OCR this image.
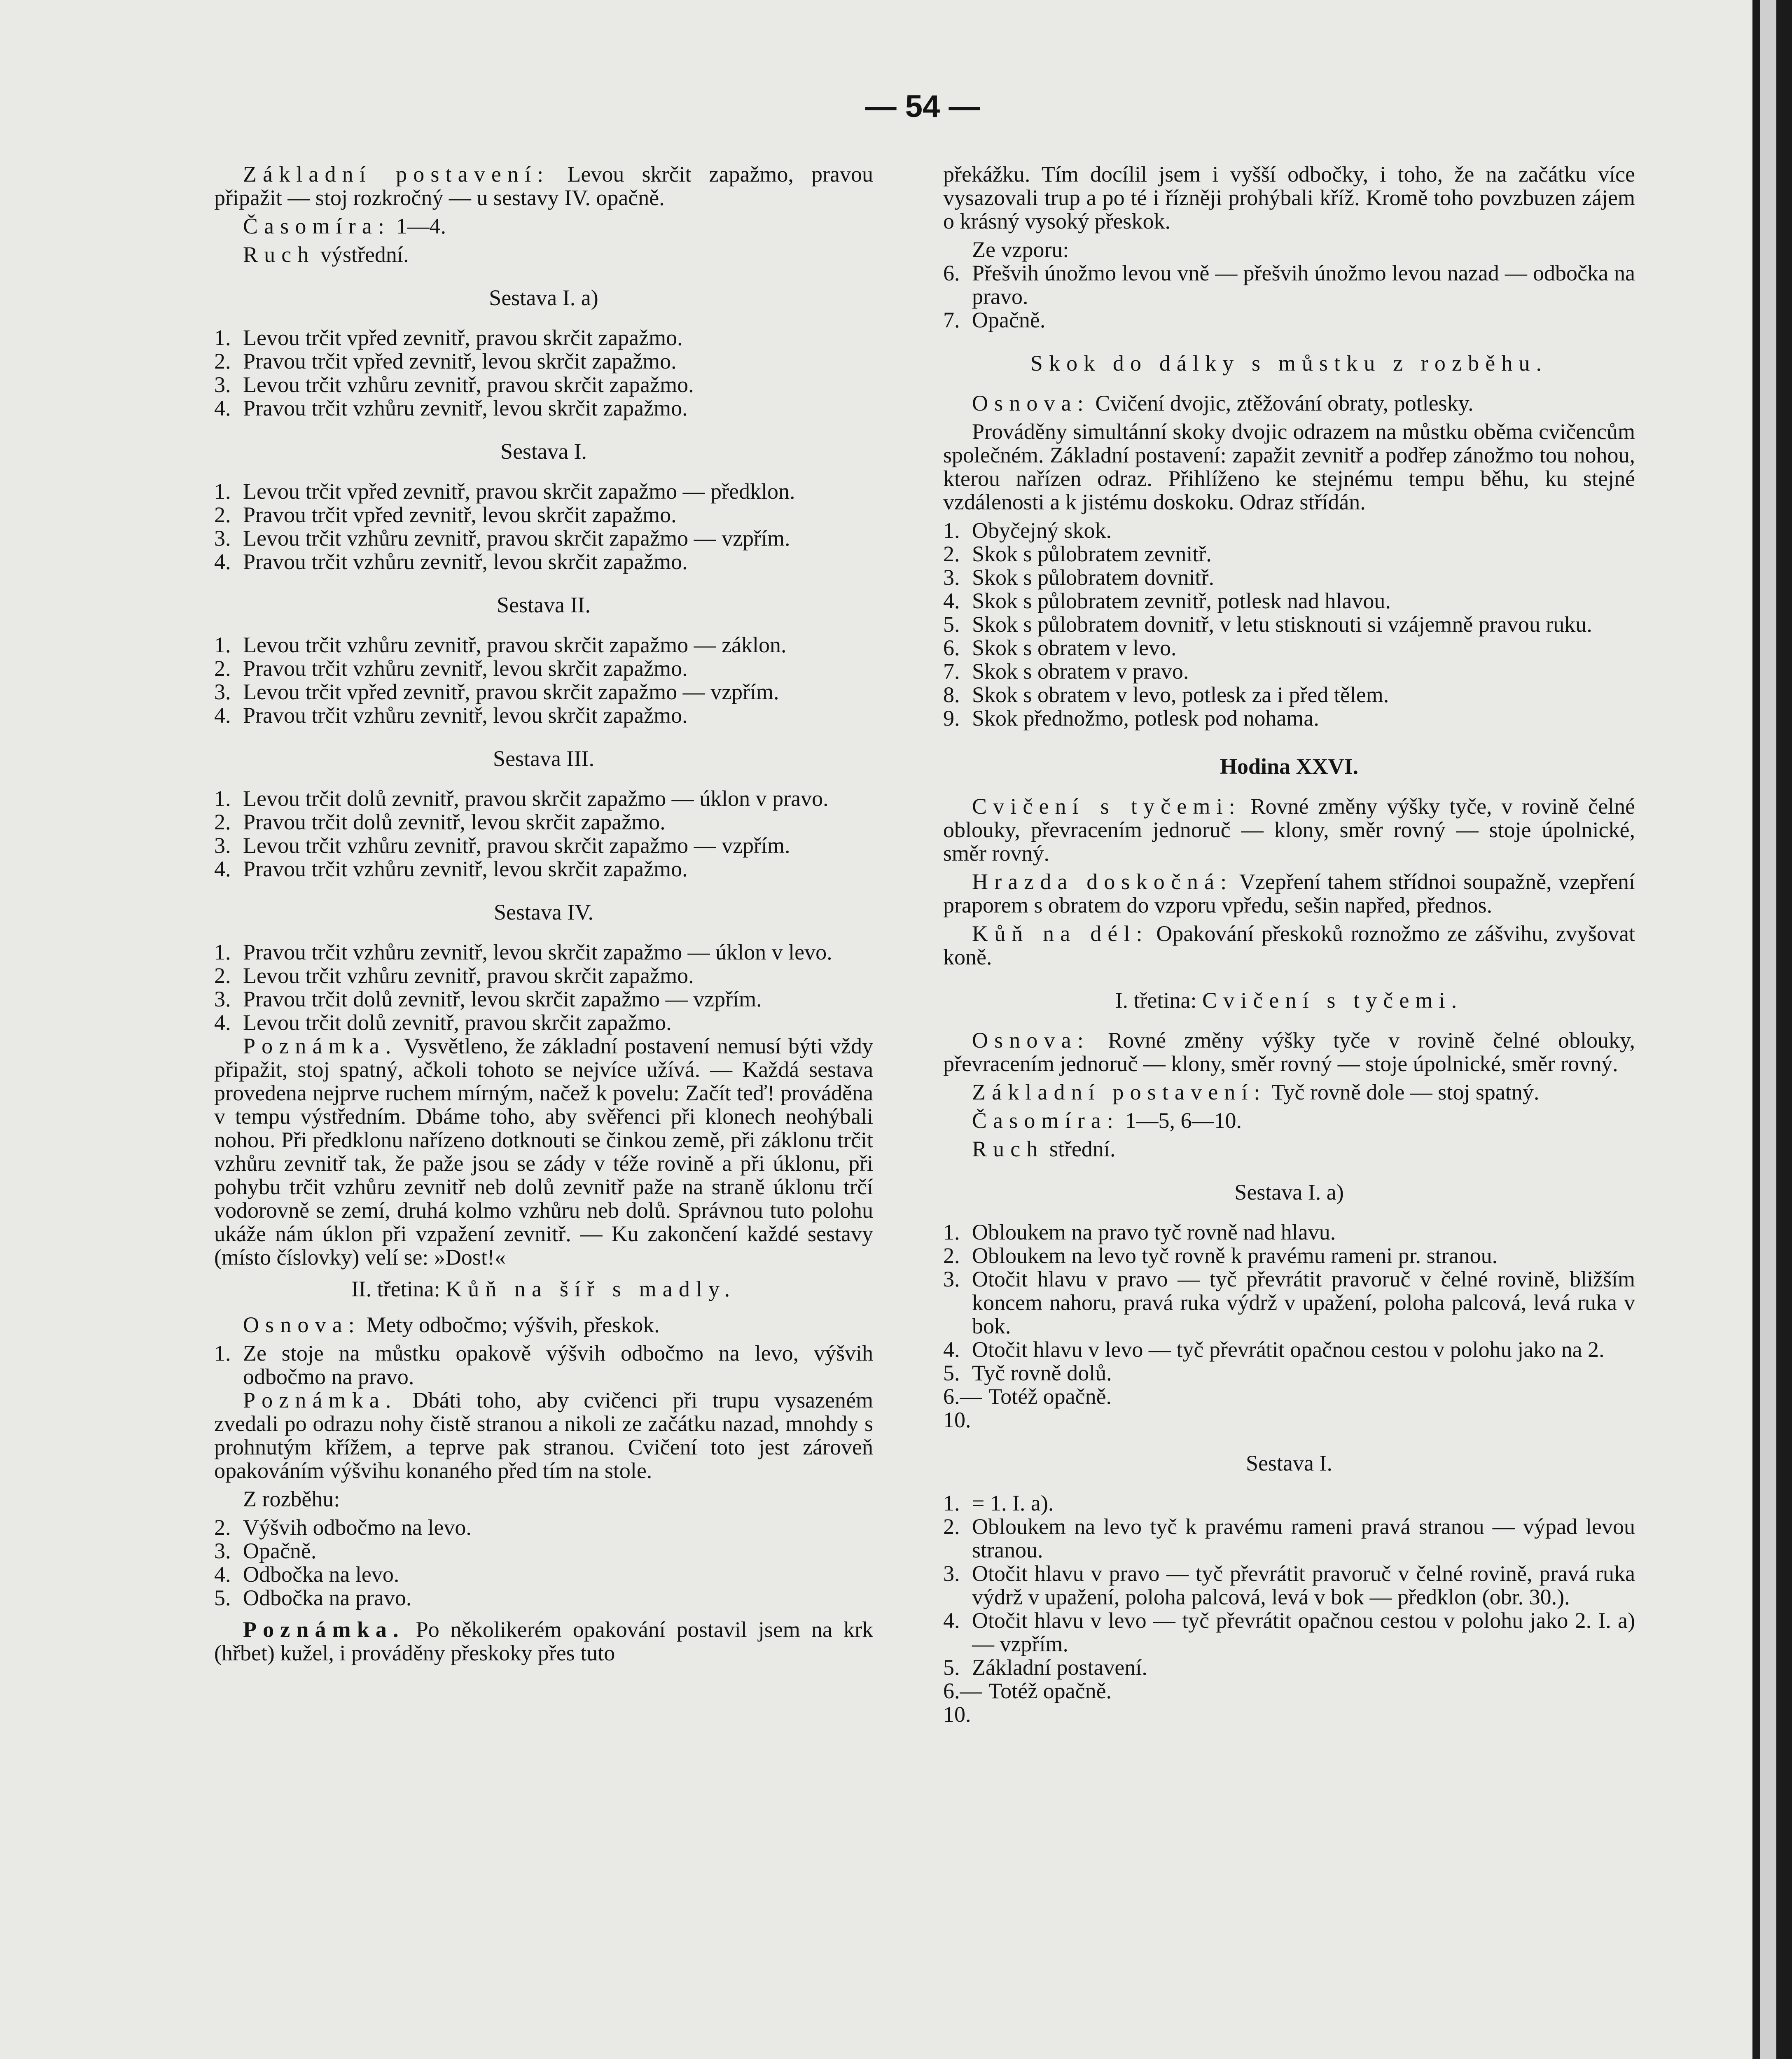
— 54 —

Základní postavení: Levou skrčit zapažmo, pravou připažit — stoj rozkročný — u sestavy IV. opačně.

Časomíra: 1—4.

Ruch výstřední.

Sestava I. a)
1. Levou trčit vpřed zevnitř, pravou skrčit zapažmo.
2. Pravou trčit vpřed zevnitř, levou skrčit zapažmo.
3. Levou trčit vzhůru zevnitř, pravou skrčit zapažmo.
4. Pravou trčit vzhůru zevnitř, levou skrčit zapažmo.
Sestava I.
1. Levou trčit vpřed zevnitř, pravou skrčit zapažmo — předklon.
2. Pravou trčit vpřed zevnitř, levou skrčit zapažmo.
3. Levou trčit vzhůru zevnitř, pravou skrčit zapažmo — vzpřím.
4. Pravou trčit vzhůru zevnitř, levou skrčit zapažmo.
Sestava II.
1. Levou trčit vzhůru zevnitř, pravou skrčit zapažmo — záklon.
2. Pravou trčit vzhůru zevnitř, levou skrčit zapažmo.
3. Levou trčit vpřed zevnitř, pravou skrčit zapažmo — vzpřím.
4. Pravou trčit vzhůru zevnitř, levou skrčit zapažmo.
Sestava III.
1. Levou trčit dolů zevnitř, pravou skrčit zapažmo — úklon v pravo.
2. Pravou trčit dolů zevnitř, levou skrčit zapažmo.
3. Levou trčit vzhůru zevnitř, pravou skrčit zapažmo — vzpřím.
4. Pravou trčit vzhůru zevnitř, levou skrčit zapažmo.
Sestava IV.
1. Pravou trčit vzhůru zevnitř, levou skrčit zapažmo — úklon v levo.
2. Levou trčit vzhůru zevnitř, pravou skrčit zapažmo.
3. Pravou trčit dolů zevnitř, levou skrčit zapažmo — vzpřím.
4. Levou trčit dolů zevnitř, pravou skrčit zapažmo.

Poznámka. Vysvětleno, že základní postavení nemusí býti vždy připažit, stoj spatný, ačkoli tohoto se nejvíce užívá. — Každá sestava provedena nejprve ruchem mírným, načež k povelu: Začít teď! prováděna v tempu výstředním. Dbáme toho, aby svěřenci při klonech neohýbali nohou. Při předklonu nařízeno dotknouti se činkou země, při záklonu trčit vzhůru zevnitř tak, že paže jsou se zády v téže rovině a při úklonu, při pohybu trčit vzhůru zevnitř neb dolů zevnitř paže na straně úklonu trčí vodorovně se zemí, druhá kolmo vzhůru neb dolů. Správnou tuto polohu ukáže nám úklon při vzpažení zevnitř. — Ku zakončení každé sestavy (místo číslovky) velí se: »Dost!«

II. třetina: Kůň na šíř s madly.

Osnova: Mety odbočmo; výšvih, přeskok.

1. Ze stoje na můstku opakově výšvih odbočmo na levo, výšvih odbočmo na pravo.

Poznámka. Dbáti toho, aby cvičenci při trupu vysazeném zvedali po odrazu nohy čistě stranou a nikoli ze začátku nazad, mnohdy s prohnutým křížem, a teprve pak stranou. Cvičení toto jest zároveň opakováním výšvihu konaného před tím na stole.

Z rozběhu:

2. Výšvih odbočmo na levo.
3. Opačně.
4. Odbočka na levo.
5. Odbočka na pravo.

Poznámka. Po několikerém opakování postavil jsem na krk (hřbet) kužel, i prováděny přeskoky přes tuto

překážku. Tím docílil jsem i vyšší odbočky, i toho, že na začátku více vysazovali trup a po té i řízněji prohýbali kříž. Kromě toho povzbuzen zájem o krásný vysoký přeskok.

Ze vzporu:

6. Přešvih únožmo levou vně — přešvih únožmo levou nazad — odbočka na pravo.
7. Opačně.
Skok do dálky s můstku z rozběhu.

Osnova: Cvičení dvojic, ztěžování obraty, potlesky.

Prováděny simultánní skoky dvojic odrazem na můstku oběma cvičencům společném. Základní postavení: zapažit zevnitř a podřep zánožmo tou nohou, kterou nařízen odraz. Přihlíženo ke stejnému tempu běhu, ku stejné vzdálenosti a k jistému doskoku. Odraz střídán.

1. Obyčejný skok.
2. Skok s půlobratem zevnitř.
3. Skok s půlobratem dovnitř.
4. Skok s půlobratem zevnitř, potlesk nad hlavou.
5. Skok s půlobratem dovnitř, v letu stisknouti si vzájemně pravou ruku.
6. Skok s obratem v levo.
7. Skok s obratem v pravo.
8. Skok s obratem v levo, potlesk za i před tělem.
9. Skok přednožmo, potlesk pod nohama.
Hodina XXVI.

Cvičení s tyčemi: Rovné změny výšky tyče, v rovině čelné oblouky, převracením jednoruč — klony, směr rovný — stoje úpolnické, směr rovný.

Hrazda doskočná: Vzepření tahem střídnoi soupažně, vzepření praporem s obratem do vzporu vpředu, sešin napřed, přednos.

Kůň na dél: Opakování přeskoků roznožmo ze zášvihu, zvyšovat koně.

I. třetina: Cvičení s tyčemi.

Osnova: Rovné změny výšky tyče v rovině čelné oblouky, převracením jednoruč — klony, směr rovný — stoje úpolnické, směr rovný.

Základní postavení: Tyč rovně dole — stoj spatný.

Časomíra: 1—5, 6—10.

Ruch střední.

Sestava I. a)
1. Obloukem na pravo tyč rovně nad hlavu.
2. Obloukem na levo tyč rovně k pravému rameni pr. stranou.
3. Otočit hlavu v pravo — tyč převrátit pravoruč v čelné rovině, bližším koncem nahoru, pravá ruka výdrž v upažení, poloha palcová, levá ruka v bok.
4. Otočit hlavu v levo — tyč převrátit opačnou cestou v polohu jako na 2.
5. Tyč rovně dolů.
6.—10.
Totéž opačně.
Sestava I.
1. = 1. I. a).
2. Obloukem na levo tyč k pravému rameni pravá stranou — výpad levou stranou.
3. Otočit hlavu v pravo — tyč převrátit pravoruč v čelné rovině, pravá ruka výdrž v upažení, poloha palcová, levá v bok — předklon (obr. 30.).
4. Otočit hlavu v levo — tyč převrátit opačnou cestou v polohu jako 2. I. a) — vzpřím.
5. Základní postavení.
6.—10.
Totéž opačně.
